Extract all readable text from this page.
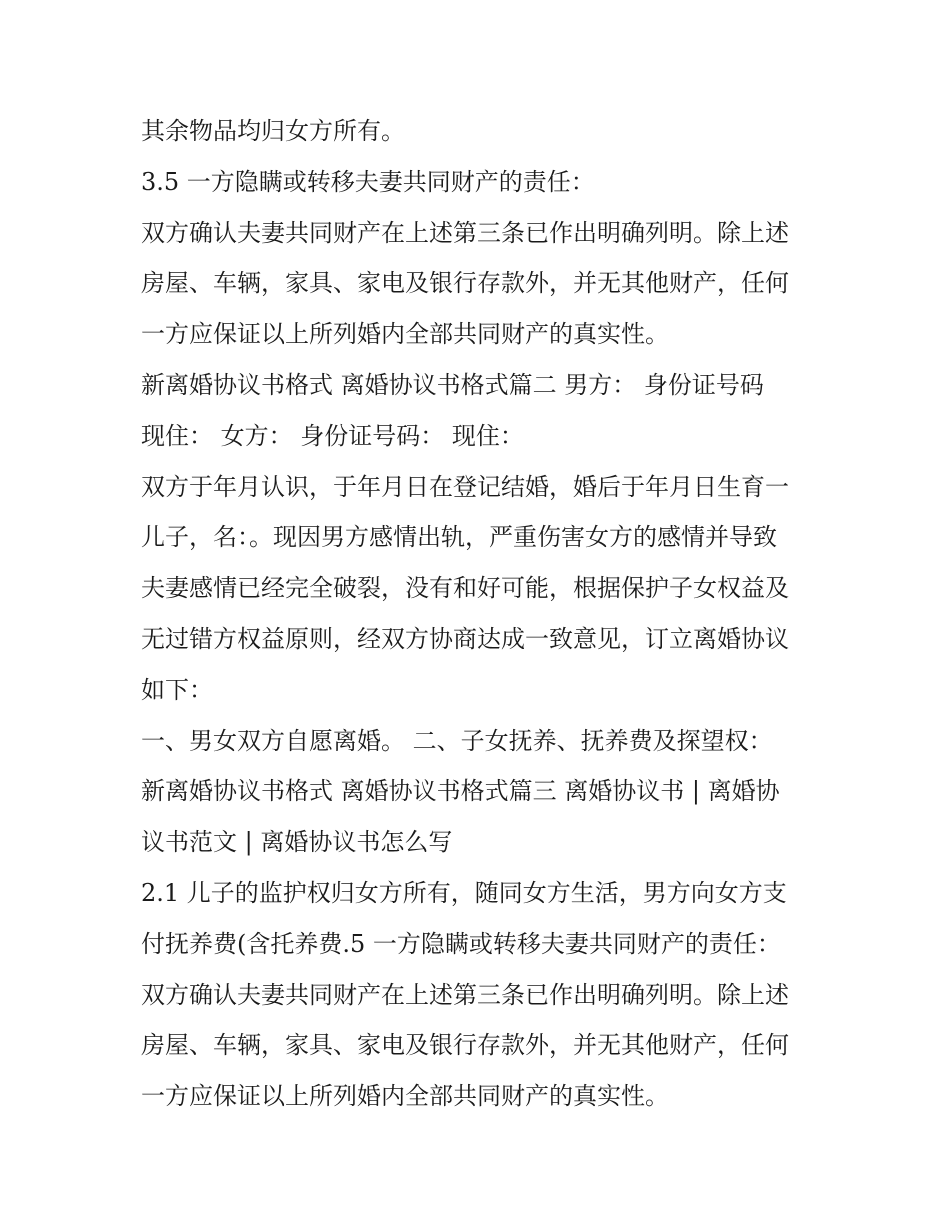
其余物品均归女方所有。
3.5 一方隐瞒或转移夫妻共同财产的责任：
双方确认夫妻共同财产在上述第三条已作出明确列明。除上述
房屋、车辆，家具、家电及银行存款外，并无其他财产，任何
一方应保证以上所列婚内全部共同财产的真实性。
新离婚协议书格式 离婚协议书格式篇二 男方： 身份证号码
现住： 女方： 身份证号码： 现住：
双方于年月认识，于年月日在登记结婚，婚后于年月日生育一
儿子，名：。现因男方感情出轨，严重伤害女方的感情并导致
夫妻感情已经完全破裂，没有和好可能，根据保护子女权益及
无过错方权益原则，经双方协商达成一致意见，订立离婚协议
如下：
一、男女双方自愿离婚。 二、子女抚养、抚养费及探望权：
新离婚协议书格式 离婚协议书格式篇三 离婚协议书 | 离婚协
议书范文 | 离婚协议书怎么写
2.1 儿子的监护权归女方所有，随同女方生活，男方向女方支
付抚养费(含托养费.5 一方隐瞒或转移夫妻共同财产的责任：
双方确认夫妻共同财产在上述第三条已作出明确列明。除上述
房屋、车辆，家具、家电及银行存款外，并无其他财产，任何
一方应保证以上所列婚内全部共同财产的真实性。
